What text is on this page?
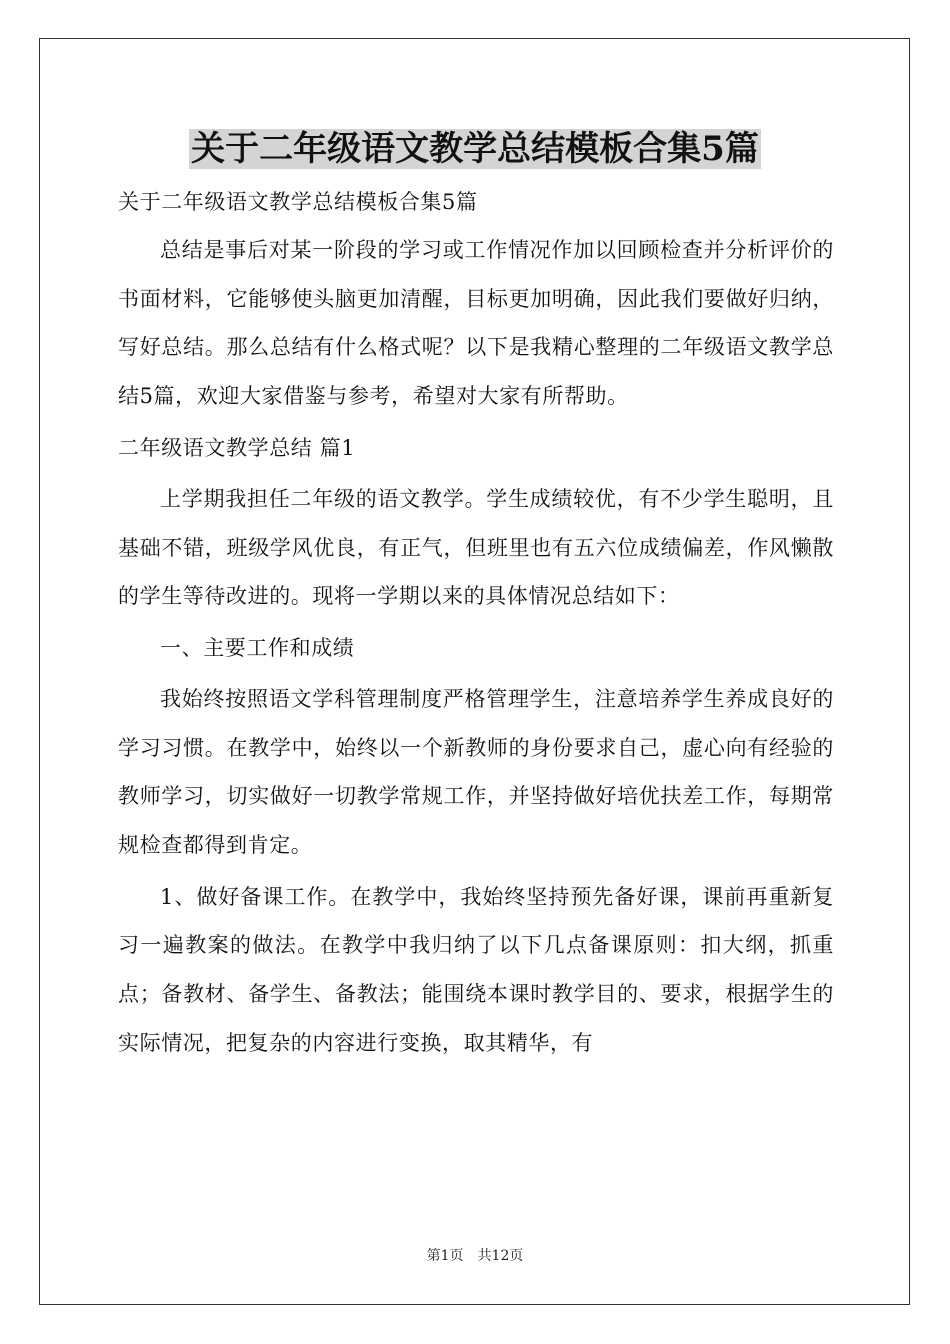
关于二年级语文教学总结模板合集5篇

关于二年级语文教学总结模板合集5篇

总结是事后对某一阶段的学习或工作情况作加以回顾检查并分析评价的书面材料，它能够使头脑更加清醒，目标更加明确，因此我们要做好归纳，写好总结。那么总结有什么格式呢？以下是我精心整理的二年级语文教学总结5篇，欢迎大家借鉴与参考，希望对大家有所帮助。

二年级语文教学总结 篇1

上学期我担任二年级的语文教学。学生成绩较优，有不少学生聪明，且基础不错，班级学风优良，有正气，但班里也有五六位成绩偏差，作风懒散的学生等待改进的。现将一学期以来的具体情况总结如下：

一、主要工作和成绩

我始终按照语文学科管理制度严格管理学生，注意培养学生养成良好的学习习惯。在教学中，始终以一个新教师的身份要求自己，虚心向有经验的教师学习，切实做好一切教学常规工作，并坚持做好培优扶差工作，每期常规检查都得到肯定。

1、做好备课工作。在教学中，我始终坚持预先备好课，课前再重新复习一遍教案的做法。在教学中我归纳了以下几点备课原则：扣大纲，抓重点；备教材、备学生、备教法；能围绕本课时教学目的、要求，根据学生的实际情况，把复杂的内容进行变换，取其精华，有

第1页 共12页
